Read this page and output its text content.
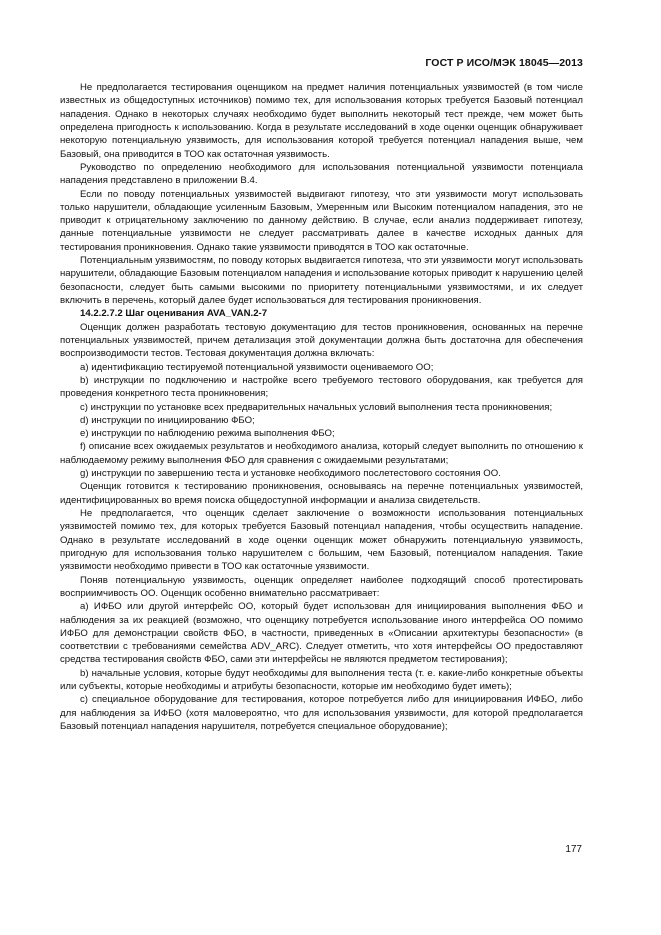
ГОСТ Р ИСО/МЭК 18045—2013

Не предполагается тестирования оценщиком на предмет наличия потенциальных уязвимостей (в том числе известных из общедоступных источников) помимо тех, для использования которых требуется Базовый потенциал нападения. Однако в некоторых случаях необходимо будет выполнить некоторый тест прежде, чем может быть определена пригодность к использованию. Когда в результате исследований в ходе оценки оценщик обнаруживает некоторую потенциальную уязвимость, для использования которой требуется потенциал нападения выше, чем Базовый, она приводится в ТОО как остаточная уязвимость.

Руководство по определению необходимого для использования потенциальной уязвимости потенциала нападения представлено в приложении В.4.

Если по поводу потенциальных уязвимостей выдвигают гипотезу, что эти уязвимости могут использовать только нарушители, обладающие усиленным Базовым, Умеренным или Высоким потенциалом нападения, это не приводит к отрицательному заключению по данному действию. В случае, если анализ поддерживает гипотезу, данные потенциальные уязвимости не следует рассматривать далее в качестве исходных данных для тестирования проникновения. Однако такие уязвимости приводятся в ТОО как остаточные.

Потенциальным уязвимостям, по поводу которых выдвигается гипотеза, что эти уязвимости могут использовать нарушители, обладающие Базовым потенциалом нападения и использование которых приводит к нарушению целей безопасности, следует быть самыми высокими по приоритету потенциальными уязвимостями, и их следует включить в перечень, который далее будет использоваться для тестирования проникновения.

14.2.2.7.2 Шаг оценивания AVA_VAN.2-7

Оценщик должен разработать тестовую документацию для тестов проникновения, основанных на перечне потенциальных уязвимостей, причем детализация этой документации должна быть достаточна для обеспечения воспроизводимости тестов. Тестовая документация должна включать:

а) идентификацию тестируемой потенциальной уязвимости оцениваемого ОО;

b) инструкции по подключению и настройке всего требуемого тестового оборудования, как требуется для проведения конкретного теста проникновения;

c) инструкции по установке всех предварительных начальных условий выполнения теста проникновения;

d) инструкции по инициированию ФБО;

e) инструкции по наблюдению режима выполнения ФБО;

f) описание всех ожидаемых результатов и необходимого анализа, который следует выполнить по отношению к наблюдаемому режиму выполнения ФБО для сравнения с ожидаемыми результатами;

g) инструкции по завершению теста и установке необходимого послетестового состояния ОО.

Оценщик готовится к тестированию проникновения, основываясь на перечне потенциальных уязвимостей, идентифицированных во время поиска общедоступной информации и анализа свидетельств.

Не предполагается, что оценщик сделает заключение о возможности использования потенциальных уязвимостей помимо тех, для которых требуется Базовый потенциал нападения, чтобы осуществить нападение. Однако в результате исследований в ходе оценки оценщик может обнаружить потенциальную уязвимость, пригодную для использования только нарушителем с большим, чем Базовый, потенциалом нападения. Такие уязвимости необходимо привести в ТОО как остаточные уязвимости.

Поняв потенциальную уязвимость, оценщик определяет наиболее подходящий способ протестировать восприимчивость ОО. Оценщик особенно внимательно рассматривает:

а) ИФБО или другой интерфейс ОО, который будет использован для инициирования выполнения ФБО и наблюдения за их реакцией (возможно, что оценщику потребуется использование иного интерфейса ОО помимо ИФБО для демонстрации свойств ФБО, в частности, приведенных в «Описании архитектуры безопасности» (в соответствии с требованиями семейства ADV_ARC). Следует отметить, что хотя интерфейсы ОО предоставляют средства тестирования свойств ФБО, сами эти интерфейсы не являются предметом тестирования);

b) начальные условия, которые будут необходимы для выполнения теста (т. е. какие-либо конкретные объекты или субъекты, которые необходимы и атрибуты безопасности, которые им необходимо будет иметь);

c) специальное оборудование для тестирования, которое потребуется либо для инициирования ИФБО, либо для наблюдения за ИФБО (хотя маловероятно, что для использования уязвимости, для которой предполагается Базовый потенциал нападения нарушителя, потребуется специальное оборудование);

177
